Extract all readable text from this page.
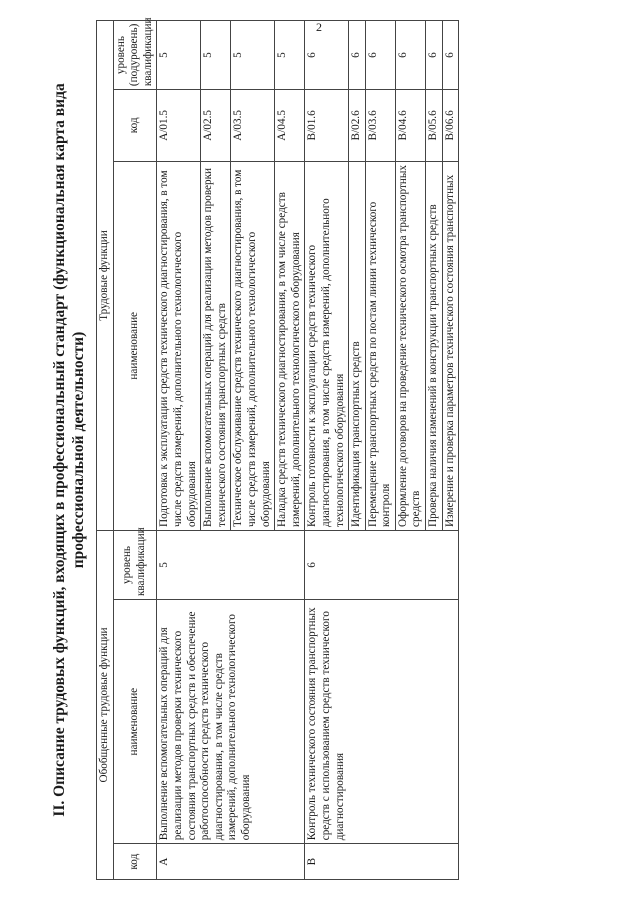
2
II. Описание трудовых функций, входящих в профессиональный стандарт (функциональная карта вида профессиональной деятельности)
Обобщенные трудовые функции			Трудовые функции		
код	наименование	уровень квалификации	наименование	код	уровень (подуровень) квалификации
А	Выполнение вспомогательных операций для реализации методов проверки технического состояния транспортных средств и обеспечение работоспособности средств технического диагностирования, в том числе средств измерений, дополнительного технологического оборудования	5	Подготовка к эксплуатации средств технического диагностирования, в том числе средств измерений, дополнительного технологического оборудования	A/01.5	5
			Выполнение вспомогательных операций для реализации методов проверки технического состояния транспортных средств	A/02.5	5
			Техническое обслуживание средств технического диагностирования, в том числе средств измерений, дополнительного технологического оборудования	A/03.5	5
			Наладка средств технического диагностирования, в том числе средств измерений, дополнительного технологического оборудования	A/04.5	5
В	Контроль технического состояния транспортных средств с использованием средств технического диагностирования	6	Контроль готовности к эксплуатации средств технического диагностирования, в том числе средств измерений, дополнительного технологического оборудования	B/01.6	6
			Идентификация транспортных средств	B/02.6	6
			Перемещение транспортных средств по постам линии технического контроля	B/03.6	6
			Оформление договоров на проведение технического осмотра транспортных средств	B/04.6	6
			Проверка наличия изменений в конструкции транспортных средств	B/05.6	6
			Измерение и проверка параметров технического состояния транспортных	B/06.6	6
